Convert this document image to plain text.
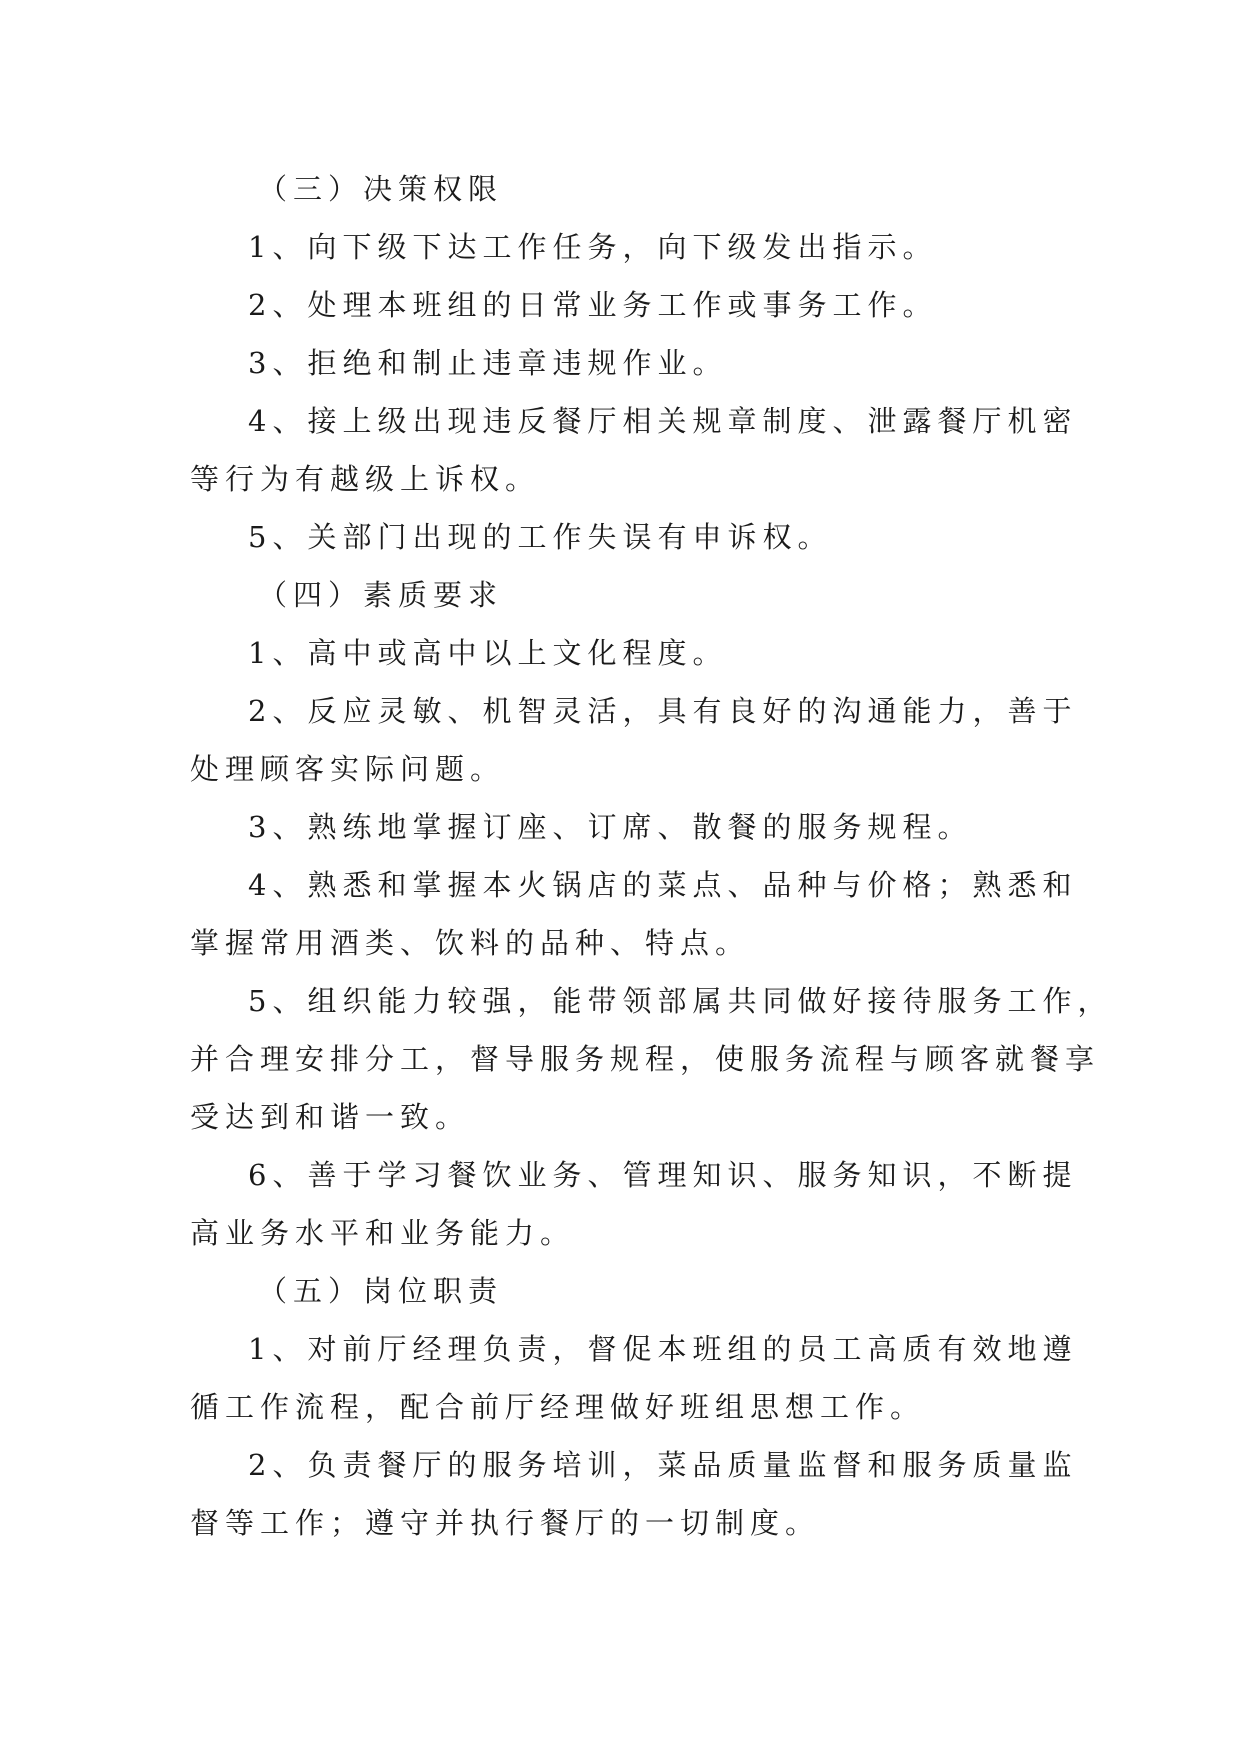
（三）决策权限
1、向下级下达工作任务，向下级发出指示。
2、处理本班组的日常业务工作或事务工作。
3、拒绝和制止违章违规作业。
4、接上级出现违反餐厅相关规章制度、泄露餐厅机密
等行为有越级上诉权。
5、关部门出现的工作失误有申诉权。
（四）素质要求
1、高中或高中以上文化程度。
2、反应灵敏、机智灵活，具有良好的沟通能力，善于
处理顾客实际问题。
3、熟练地掌握订座、订席、散餐的服务规程。
4、熟悉和掌握本火锅店的菜点、品种与价格；熟悉和
掌握常用酒类、饮料的品种、特点。
5、组织能力较强，能带领部属共同做好接待服务工作，
并合理安排分工，督导服务规程，使服务流程与顾客就餐享
受达到和谐一致。
6、善于学习餐饮业务、管理知识、服务知识，不断提
高业务水平和业务能力。
（五）岗位职责
1、对前厅经理负责，督促本班组的员工高质有效地遵
循工作流程，配合前厅经理做好班组思想工作。
2、负责餐厅的服务培训，菜品质量监督和服务质量监
督等工作；遵守并执行餐厅的一切制度。
